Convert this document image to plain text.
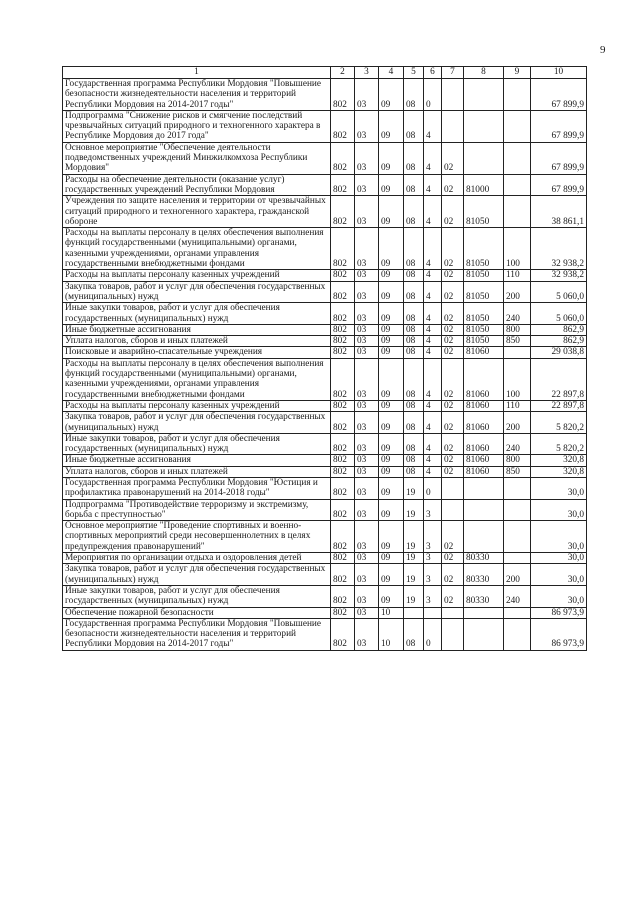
9
1	2	3	4	5	6	7	8	9	10
Государственная программа Республики Мордовия "Повышение безопасности жизнедеятельности населения и территорий Республики Мордовия на 2014-2017 годы"	802	03	09	08	0				67 899,9
Подпрограмма "Снижение рисков и смягчение последствий чрезвычайных ситуаций природного и техногенного характера в Республике Мордовия до 2017 года"	802	03	09	08	4				67 899,9
Основное мероприятие "Обеспечение деятельности подведомственных учреждений Минжилкомхоза Республики Мордовия"	802	03	09	08	4	02			67 899,9
Расходы на обеспечение деятельности (оказание услуг) государственных учреждений Республики Мордовия	802	03	09	08	4	02	81000		67 899,9
Учреждения по защите населения и территории от чрезвычайных ситуаций природного и техногенного характера, гражданской обороне	802	03	09	08	4	02	81050		38 861,1
Расходы на выплаты персоналу в целях обеспечения выполнения функций государственными (муниципальными) органами, казенными учреждениями, органами управления государственными внебюджетными фондами	802	03	09	08	4	02	81050	100	32 938,2
Расходы на выплаты персоналу казенных учреждений	802	03	09	08	4	02	81050	110	32 938,2
Закупка товаров, работ и услуг для обеспечения государственных (муниципальных) нужд	802	03	09	08	4	02	81050	200	5 060,0
Иные закупки товаров, работ и услуг для обеспечения государственных (муниципальных) нужд	802	03	09	08	4	02	81050	240	5 060,0
Иные бюджетные ассигнования	802	03	09	08	4	02	81050	800	862,9
Уплата налогов, сборов и иных платежей	802	03	09	08	4	02	81050	850	862,9
Поисковые и аварийно-спасательные учреждения	802	03	09	08	4	02	81060		29 038,8
Расходы на выплаты персоналу в целях обеспечения выполнения функций государственными (муниципальными) органами, казенными учреждениями, органами управления государственными внебюджетными фондами	802	03	09	08	4	02	81060	100	22 897,8
Расходы на выплаты персоналу казенных учреждений	802	03	09	08	4	02	81060	110	22 897,8
Закупка товаров, работ и услуг для обеспечения государственных (муниципальных) нужд	802	03	09	08	4	02	81060	200	5 820,2
Иные закупки товаров, работ и услуг для обеспечения государственных (муниципальных) нужд	802	03	09	08	4	02	81060	240	5 820,2
Иные бюджетные ассигнования	802	03	09	08	4	02	81060	800	320,8
Уплата налогов, сборов и иных платежей	802	03	09	08	4	02	81060	850	320,8
Государственная программа Республики Мордовия "Юстиция и профилактика правонарушений на 2014-2018 годы"	802	03	09	19	0				30,0
Подпрограмма "Противодействие терроризму и экстремизму, борьба с преступностью"	802	03	09	19	3				30,0
Основное мероприятие "Проведение спортивных и военно-спортивных мероприятий среди несовершеннолетних в целях предупреждения правонарушений"	802	03	09	19	3	02			30,0
Мероприятия по организации отдыха и оздоровления детей	802	03	09	19	3	02	80330		30,0
Закупка товаров, работ и услуг для обеспечения государственных (муниципальных) нужд	802	03	09	19	3	02	80330	200	30,0
Иные закупки товаров, работ и услуг для обеспечения государственных (муниципальных) нужд	802	03	09	19	3	02	80330	240	30,0
Обеспечение пожарной безопасности	802	03	10						86 973,9
Государственная программа Республики Мордовия "Повышение безопасности жизнедеятельности населения и территорий Республики Мордовия на 2014-2017 годы"	802	03	10	08	0				86 973,9
